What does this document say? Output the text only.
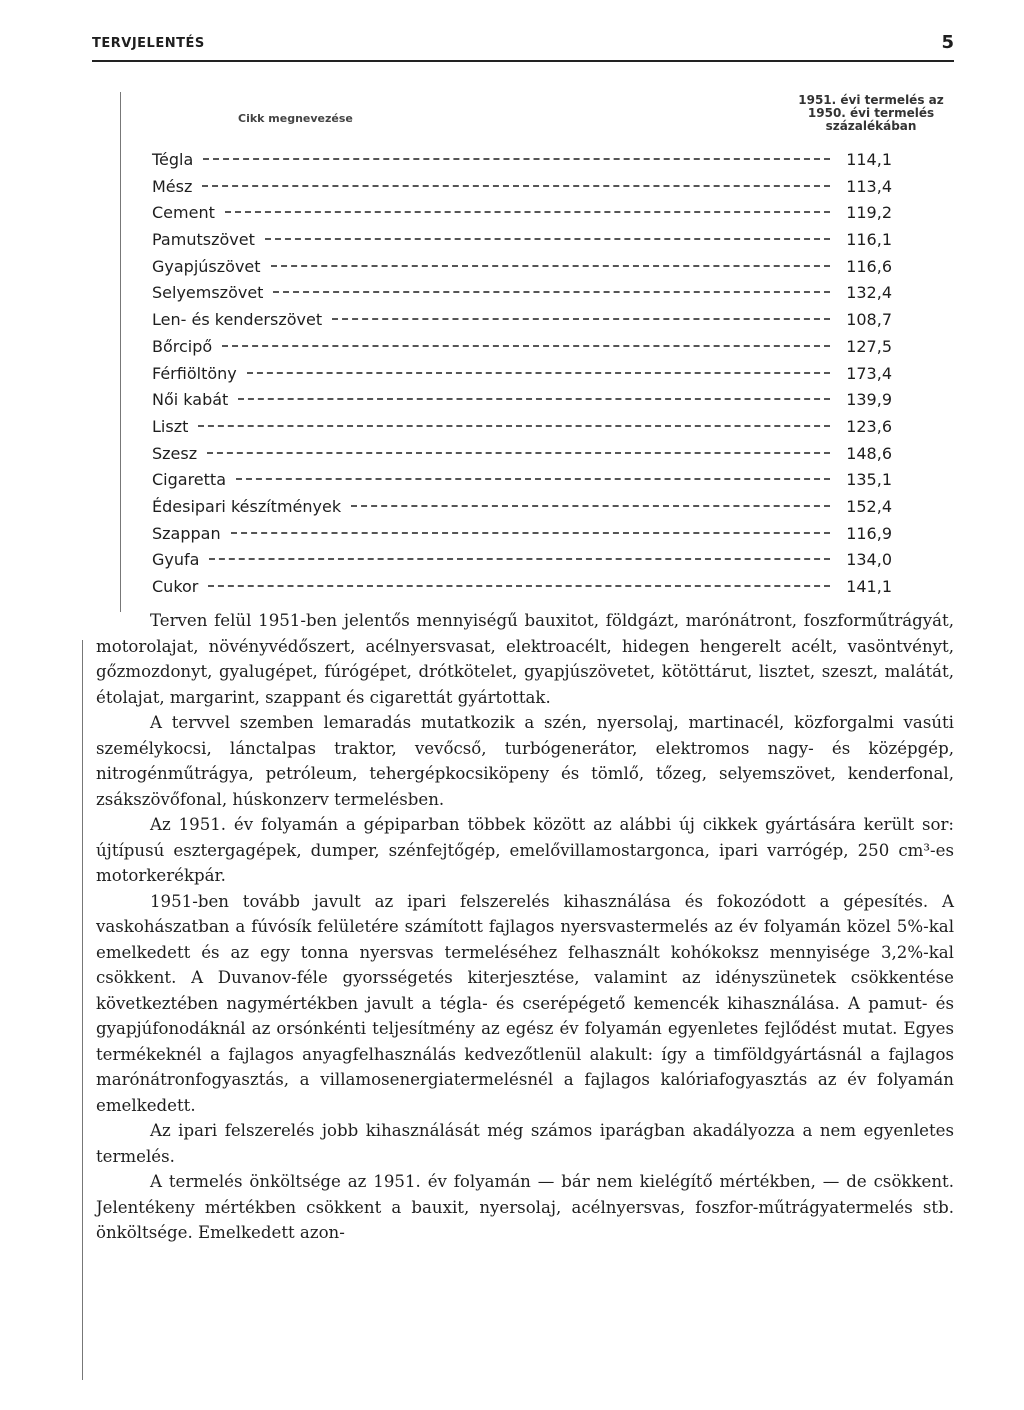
TERVJELENTÉS	5
Cikk megnevezése
1951. évi termelés az 1950. évi termelés százalékában
Tégla	114,1
Mész	113,4
Cement	119,2
Pamutszövet	116,1
Gyapjúszövet	116,6
Selyemszövet	132,4
Len- és kenderszövet	108,7
Bőrcipő	127,5
Férfiöltöny	173,4
Női kabát	139,9
Liszt	123,6
Szesz	148,6
Cigaretta	135,1
Édesipari készítmények	152,4
Szappan	116,9
Gyufa	134,0
Cukor	141,1

Terven felül 1951-ben jelentős mennyiségű bauxitot, földgázt, marónátront, foszforműtrágyát, motorolajat, növényvédőszert, acélnyersvasat, elektroacélt, hidegen hengerelt acélt, vasöntvényt, gőzmozdonyt, gyalugépet, fúrógépet, drótkötelet, gyapjúszövetet, kötöttárut, lisztet, szeszt, malátát, étolajat, margarint, szappant és cigarettát gyártottak.

A tervvel szemben lemaradás mutatkozik a szén, nyersolaj, martinacél, közforgalmi vasúti személykocsi, lánctalpas traktor, vevőcső, turbógenerátor, elektromos nagy- és középgép, nitrogénműtrágya, petróleum, tehergépkocsiköpeny és tömlő, tőzeg, selyemszövet, kenderfonal, zsákszövőfonal, húskonzerv termelésben.

Az 1951. év folyamán a gépiparban többek között az alábbi új cikkek gyártására került sor: újtípusú esztergagépek, dumper, szénfejtőgép, emelővillamostargonca, ipari varrógép, 250 cm³-es motorkerékpár.

1951-ben tovább javult az ipari felszerelés kihasználása és fokozódott a gépesítés. A vaskohászatban a fúvósík felületére számított fajlagos nyersvastermelés az év folyamán közel 5%-kal emelkedett és az egy tonna nyersvas termeléséhez felhasznált kohókoksz mennyisége 3,2%-kal csökkent. A Duvanov-féle gyorsségetés kiterjesztése, valamint az idényszünetek csökkentése következtében nagymértékben javult a tégla- és cserépégető kemencék kihasználása. A pamut- és gyapjúfonodáknál az orsónkénti teljesítmény az egész év folyamán egyenletes fejlődést mutat. Egyes termékeknél a fajlagos anyagfelhasználás kedvezőtlenül alakult: így a timföldgyártásnál a fajlagos marónátronfogyasztás, a villamosenergiatermelésnél a fajlagos kalóriafogyasztás az év folyamán emelkedett.

Az ipari felszerelés jobb kihasználását még számos iparágban akadályozza a nem egyenletes termelés.

A termelés önköltsége az 1951. év folyamán — bár nem kielégítő mértékben, — de csökkent. Jelentékeny mértékben csökkent a bauxit, nyersolaj, acélnyersvas, foszfor-műtrágyatermelés stb. önköltsége. Emelkedett azon-
